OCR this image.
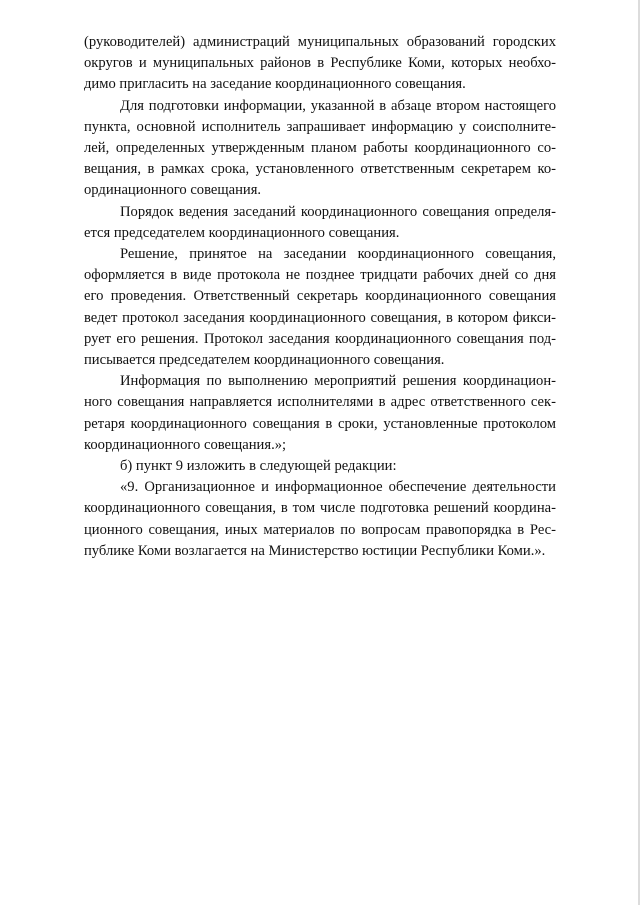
(руководителей) администраций муниципальных образований городских
округов и муниципальных районов в Республике Коми, которых необхо-
димо пригласить на заседание координационного совещания.
Для подготовки информации, указанной в абзаце втором настоящего
пункта, основной исполнитель запрашивает информацию у соисполните-
лей, определенных утвержденным планом работы координационного со-
вещания, в рамках срока, установленного ответственным секретарем ко-
ординационного совещания.
Порядок ведения заседаний координационного совещания определя-
ется председателем координационного совещания.
Решение, принятое на заседании координационного совещания,
оформляется в виде протокола не позднее тридцати рабочих дней со дня
его проведения. Ответственный секретарь координационного совещания
ведет протокол заседания координационного совещания, в котором фикси-
рует его решения. Протокол заседания координационного совещания под-
писывается председателем координационного совещания.
Информация по выполнению мероприятий решения координацион-
ного совещания направляется исполнителями в адрес ответственного сек-
ретаря координационного совещания в сроки, установленные протоколом
координационного совещания.»;
б) пункт 9 изложить в следующей редакции:
«9. Организационное и информационное обеспечение деятельности
координационного совещания, в том числе подготовка решений координа-
ционного совещания, иных материалов по вопросам правопорядка в Рес-
публике Коми возлагается на Министерство юстиции Республики Коми.».
